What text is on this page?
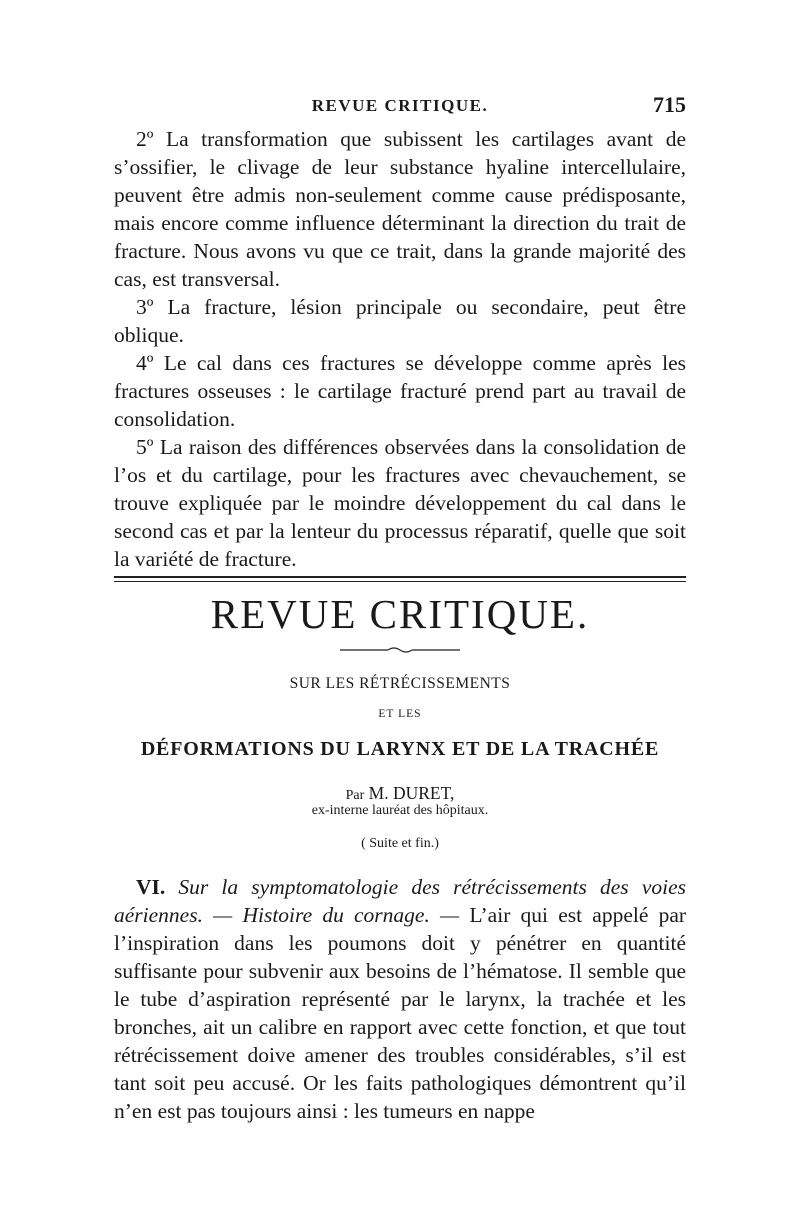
REVUE CRITIQUE.	715

2º La transformation que subissent les cartilages avant de s’ossifier, le clivage de leur substance hyaline intercellulaire, peuvent être admis non-seulement comme cause prédisposante, mais encore comme influence déterminant la direction du trait de fracture. Nous avons vu que ce trait, dans la grande majorité des cas, est transversal.

3º La fracture, lésion principale ou secondaire, peut être oblique.

4º Le cal dans ces fractures se développe comme après les fractures osseuses : le cartilage fracturé prend part au travail de consolidation.

5º La raison des différences observées dans la consolidation de l’os et du cartilage, pour les fractures avec chevauchement, se trouve expliquée par le moindre développement du cal dans le second cas et par la lenteur du processus réparatif, quelle que soit la variété de fracture.

REVUE CRITIQUE.
SUR LES RÉTRÉCISSEMENTS
ET LES
DÉFORMATIONS DU LARYNX ET DE LA TRACHÉE
Par M. DURET,
ex-interne lauréat des hôpitaux.
( Suite et fin.)

VI. Sur la symptomatologie des rétrécissements des voies aériennes. — Histoire du cornage. — L’air qui est appelé par l’inspiration dans les poumons doit y pénétrer en quantité suffisante pour subvenir aux besoins de l’hématose. Il semble que le tube d’aspiration représenté par le larynx, la trachée et les bronches, ait un calibre en rapport avec cette fonction, et que tout rétrécissement doive amener des troubles considérables, s’il est tant soit peu accusé. Or les faits pathologiques démontrent qu’il n’en est pas toujours ainsi : les tumeurs en nappe
